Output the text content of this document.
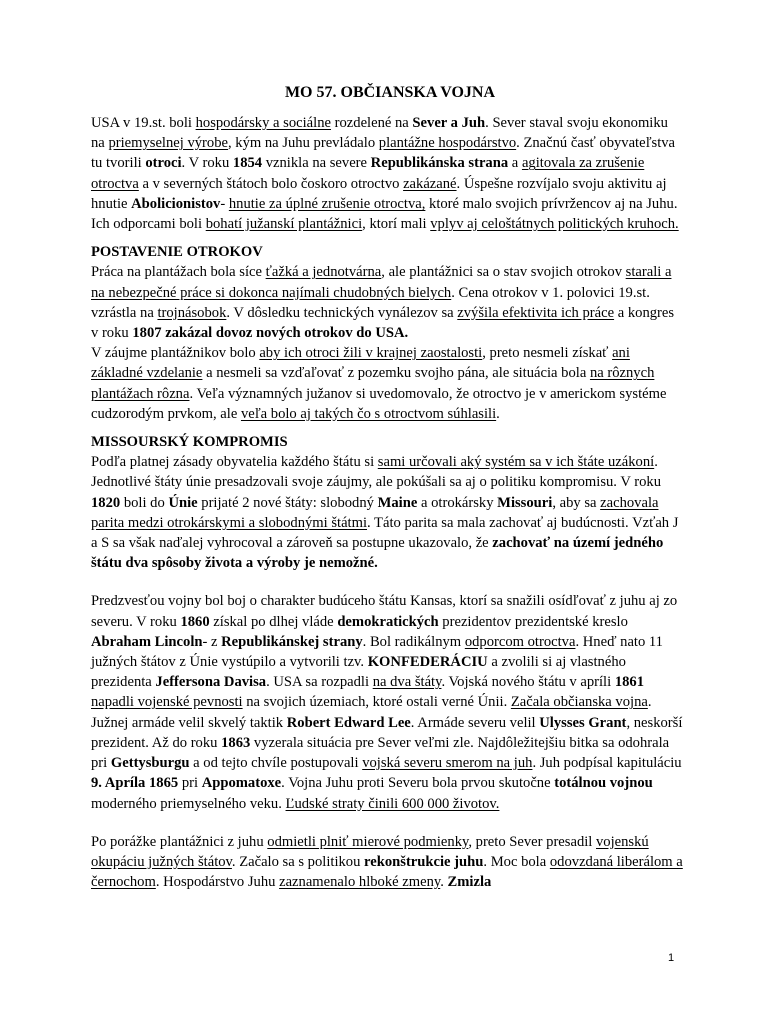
MO 57. OBČIANSKA VOJNA

USA v 19.st. boli hospodársky a sociálne rozdelené na Sever a Juh. Sever staval svoju ekonomiku na priemyselnej výrobe, kým na Juhu prevládalo plantážne hospodárstvo. Značnú časť obyvateľstva tu tvorili otroci. V roku 1854 vznikla na severe Republikánska strana a agitovala za zrušenie otroctva a v severných štátoch bolo čoskoro otroctvo zakázané. Úspešne rozvíjalo svoju aktivitu aj hnutie Abolicionistov- hnutie za úplné zrušenie otroctva, ktoré malo svojich prívržencov aj na Juhu. Ich odporcami boli bohatí južanskí plantážnici, ktorí mali vplyv aj celoštátnych politických kruhoch.

POSTAVENIE OTROKOV

Práca na plantážach bola síce ťažká a jednotvárna, ale plantážnici sa o stav svojich otrokov starali a na nebezpečné práce si dokonca najímali chudobných bielych. Cena otrokov v 1. polovici 19.st. vzrástla na trojnásobok. V dôsledku technických vynálezov sa zvýšila efektivita ich práce a kongres v roku 1807 zakázal dovoz nových otrokov do USA.

V záujme plantážnikov bolo aby ich otroci žili v krajnej zaostalosti, preto nesmeli získať ani základné vzdelanie a nesmeli sa vzďaľovať z pozemku svojho pána, ale situácia bola na rôznych plantážach rôzna. Veľa významných južanov si uvedomovalo, že otroctvo je v americkom systéme cudzorodým prvkom, ale veľa bolo aj takých čo s otroctvom súhlasili.

MISSOURSKÝ KOMPROMIS

Podľa platnej zásady obyvatelia každého štátu si sami určovali aký systém sa v ich štáte uzákoní. Jednotlivé štáty únie presadzovali svoje záujmy, ale pokúšali sa aj o politiku kompromisu. V roku 1820 boli do Únie prijaté 2 nové štáty: slobodný Maine a otrokársky Missouri, aby sa zachovala parita medzi otrokárskymi a slobodnými štátmi. Táto parita sa mala zachovať aj budúcnosti. Vzťah J a S sa však naďalej vyhrocoval a zároveň sa postupne ukazovalo, že zachovať na území jedného štátu dva spôsoby života a výroby je nemožné.

Predzvesťou vojny bol boj o charakter budúceho štátu Kansas, ktorí sa snažili osídľovať z juhu aj zo severu. V roku 1860 získal po dlhej vláde demokratických prezidentov prezidentské kreslo Abraham Lincoln- z Republikánskej strany. Bol radikálnym odporcom otroctva. Hneď nato 11 južných štátov z Únie vystúpilo a vytvorili tzv. KONFEDERÁCIU a zvolili si aj vlastného prezidenta Jeffersona Davisa. USA sa rozpadli na dva štáty. Vojská nového štátu v apríli 1861 napadli vojenské pevnosti na svojich územiach, ktoré ostali verné Únii. Začala občianska vojna. Južnej armáde velil skvelý taktik Robert Edward Lee. Armáde severu velil Ulysses Grant, neskorší prezident. Až do roku 1863 vyzerala situácia pre Sever veľmi zle. Najdôležitejšiu bitka sa odohrala pri Gettysburgu a od tejto chvíle postupovali vojská severu smerom na juh. Juh podpísal kapituláciu 9. Apríla 1865 pri Appomatoxe. Vojna Juhu proti Severu bola prvou skutočne totálnou vojnou moderného priemyselného veku. Ľudské straty činili 600 000 životov.

Po porážke plantážnici z juhu odmietli plniť mierové podmienky, preto Sever presadil vojenskú okupáciu južných štátov. Začalo sa s politikou rekonštrukcie juhu. Moc bola odovzdaná liberálom a černochom. Hospodárstvo Juhu zaznamenalo hlboké zmeny. Zmizla

1
